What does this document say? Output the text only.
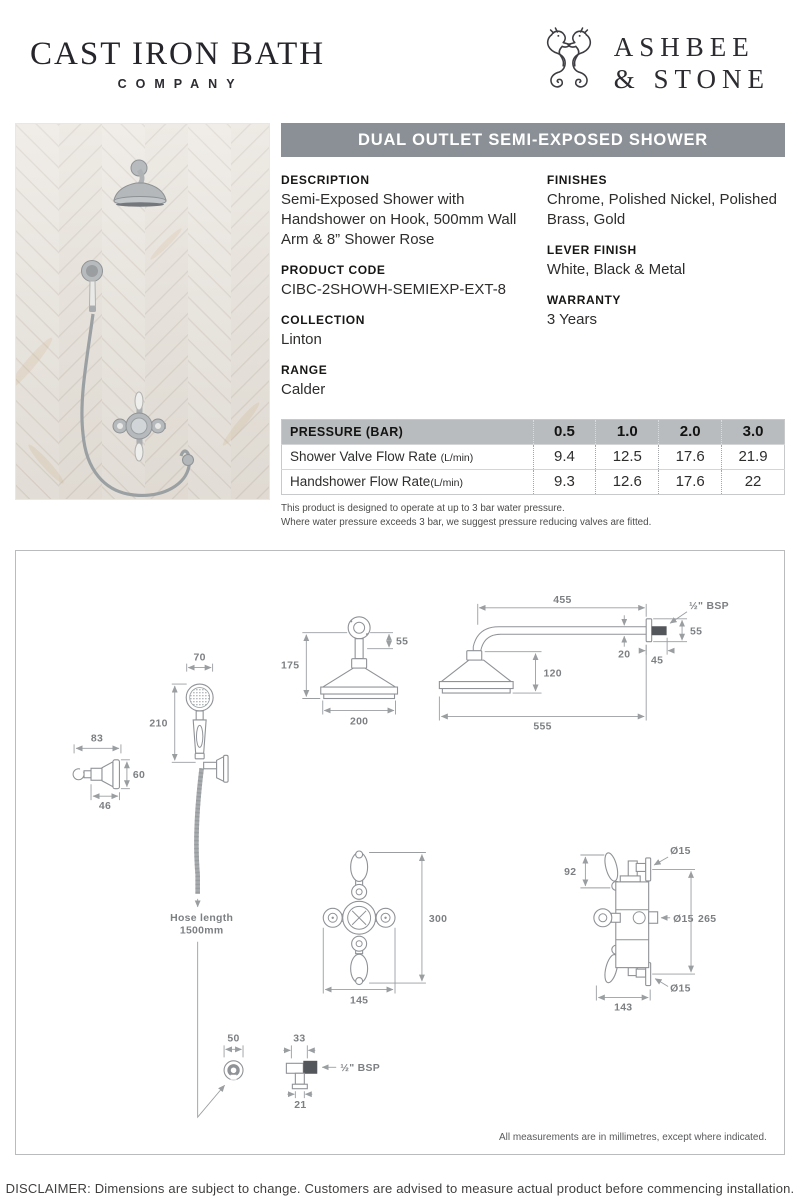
CAST IRON BATH
COMPANY
ASHBEE
& STONE
DUAL OUTLET SEMI-EXPOSED SHOWER
DESCRIPTION
Semi-Exposed Shower with Handshower on Hook, 500mm Wall Arm & 8” Shower Rose
PRODUCT CODE
CIBC-2SHOWH-SEMIEXP-EXT-8
COLLECTION
Linton
RANGE
Calder
FINISHES
Chrome, Polished Nickel, Polished Brass, Gold
LEVER FINISH
White, Black & Metal
WARRANTY
3 Years
PRESSURE (BAR)	0.5	1.0	2.0	3.0
Shower Valve Flow Rate (L/min)	9.4	12.5	17.6	21.9
Handshower Flow Rate(L/min)	9.3	12.6	17.6	22
This product is designed to operate at up to 3 bar water pressure.
Where water pressure exceeds 3 bar, we suggest pressure reducing valves are fitted.
83
60
46
70
210
Hose length
1500mm
55
175
200
455
½" BSP
55
20
45
120
555
300
145
92
Ø15
Ø15 265
Ø15
143
50	33
½" BSP
21
All measurements are in millimetres, except where indicated.
DISCLAIMER: Dimensions are subject to change. Customers are advised to measure actual product before commencing installation.
